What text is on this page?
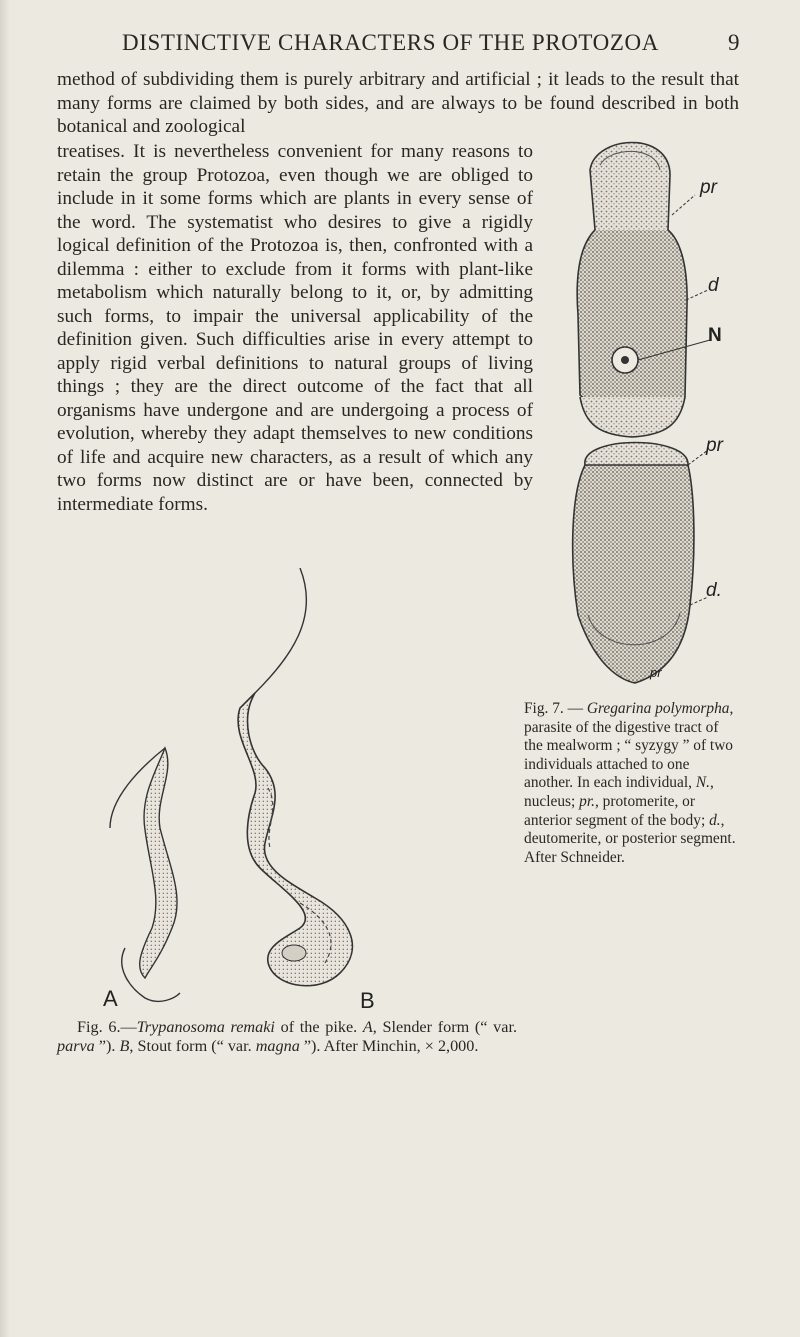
DISTINCTIVE CHARACTERS OF THE PROTOZOA	9

method of subdividing them is purely arbitrary and artificial ; it leads to the result that many forms are claimed by both sides, and are always to be found described in both botanical and zoological

treatises. It is nevertheless convenient for many reasons to retain the group Protozoa, even though we are obliged to include in it some forms which are plants in every sense of the word. The systematist who desires to give a rigidly logical definition of the Protozoa is, then, confronted with a dilemma : either to exclude from it forms with plant-like metabolism which naturally belong to it, or, by admitting such forms, to impair the universal applicability of the definition given. Such difficulties arise in every attempt to apply rigid verbal definitions to natural groups of living things ; they are the direct outcome of the fact that all organisms have undergone and are undergoing a process of evolution, whereby they adapt themselves to new conditions of life and acquire new characters, as a result of which any two forms now distinct are or have been, connected by intermediate forms.

pr
d
N
pr
d.
pr
A	B

Fig. 6.—Trypanosoma remaki of the pike. A, Slender form (“ var. parva ”). B, Stout form (“ var. magna ”). After Minchin, × 2,000.

Fig. 7. — Gregarina polymorpha, parasite of the digestive tract of the mealworm ; “ syzygy ” of two individuals attached to one another. In each individual, N., nucleus; pr., protomerite, or anterior segment of the body; d., deutomerite, or posterior segment. After Schneider.
